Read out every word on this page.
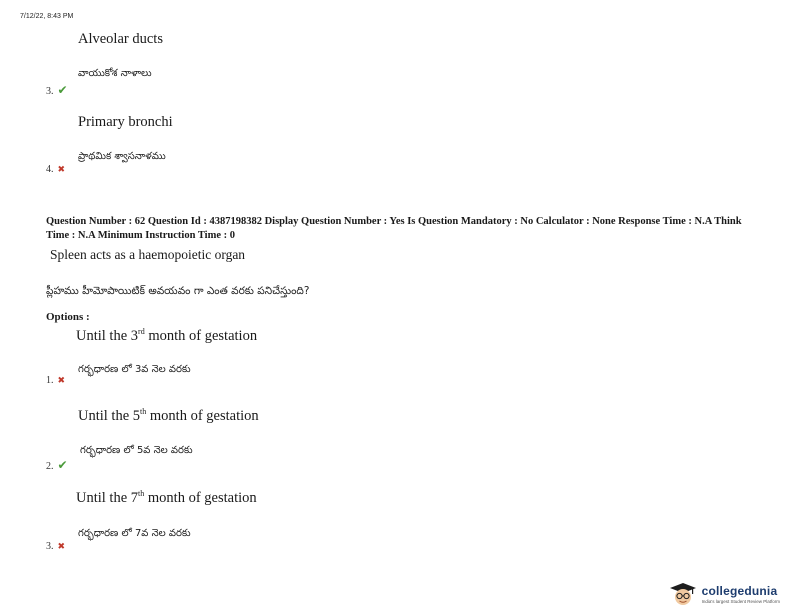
7/12/22, 8:43 PM
Alveolar ducts
వాయుకోశ నాళాలు
3. ✔
Primary bronchi
ప్రాథమిక శ్వాసనాళము
4. ✖
Question Number : 62 Question Id : 4387198382 Display Question Number : Yes Is Question Mandatory : No Calculator : None Response Time : N.A Think Time : N.A Minimum Instruction Time : 0
Spleen acts as a haemopoietic organ
ప్లీహము హీమోపాయిటిక్ అవయవం గా ఎంత వరకు పనిచేస్తుంది?
Options :
Until the 3rd month of gestation
గర్భధారణ లో 3వ నెల వరకు
1. ✖
Until the 5th month of gestation
గర్భధారణ లో 5వ నెల వరకు
2. ✔
Until the 7th month of gestation
గర్భధారణ లో 7వ నెల వరకు
3. ✖
collegedunia
India's largest Student Review Platform
